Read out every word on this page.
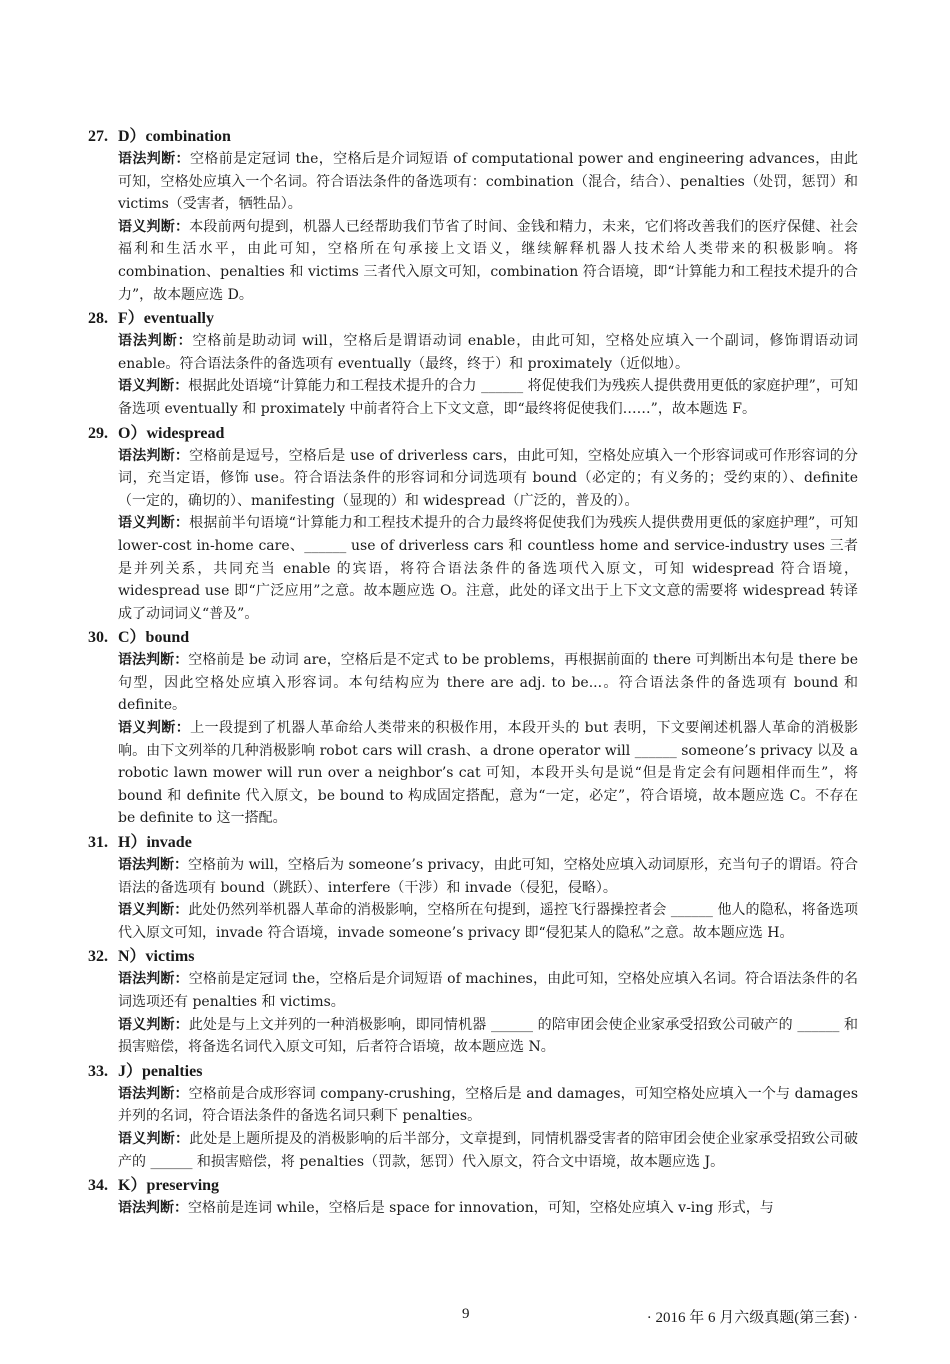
27. D）combination
语法判断：空格前是定冠词 the，空格后是介词短语 of computational power and engineering advances，由此可知，空格处应填入一个名词。符合语法条件的备选项有：combination（混合，结合）、penalties（处罚，惩罚）和 victims（受害者，牺牲品）。
语义判断：本段前两句提到，机器人已经帮助我们节省了时间、金钱和精力，未来，它们将改善我们的医疗保健、社会福利和生活水平，由此可知，空格所在句承接上文语义，继续解释机器人技术给人类带来的积极影响。将 combination、penalties 和 victims 三者代入原文可知，combination 符合语境，即“计算能力和工程技术提升的合力”，故本题应选 D。
28. F）eventually
语法判断：空格前是助动词 will，空格后是谓语动词 enable，由此可知，空格处应填入一个副词，修饰谓语动词 enable。符合语法条件的备选项有 eventually（最终，终于）和 proximately（近似地）。
语义判断：根据此处语境“计算能力和工程技术提升的合力 ______ 将促使我们为残疾人提供费用更低的家庭护理”，可知备选项 eventually 和 proximately 中前者符合上下文文意，即“最终将促使我们……”，故本题选 F。
29. O）widespread
语法判断：空格前是逗号，空格后是 use of driverless cars，由此可知，空格处应填入一个形容词或可作形容词的分词，充当定语，修饰 use。符合语法条件的形容词和分词选项有 bound（必定的；有义务的；受约束的）、definite（一定的，确切的）、manifesting（显现的）和 widespread（广泛的，普及的）。
语义判断：根据前半句语境“计算能力和工程技术提升的合力最终将促使我们为残疾人提供费用更低的家庭护理”，可知 lower-cost in-home care、______ use of driverless cars 和 countless home and service-industry uses 三者是并列关系，共同充当 enable 的宾语，将符合语法条件的备选项代入原文，可知 widespread 符合语境，widespread use 即“广泛应用”之意。故本题应选 O。注意，此处的译文出于上下文文意的需要将 widespread 转译成了动词词义“普及”。
30. C）bound
语法判断：空格前是 be 动词 are，空格后是不定式 to be problems，再根据前面的 there 可判断出本句是 there be 句型，因此空格处应填入形容词。本句结构应为 there are adj. to be...。符合语法条件的备选项有 bound 和 definite。
语义判断：上一段提到了机器人革命给人类带来的积极作用，本段开头的 but 表明，下文要阐述机器人革命的消极影响。由下文列举的几种消极影响 robot cars will crash、a drone operator will ______ someone’s privacy 以及 a robotic lawn mower will run over a neighbor’s cat 可知，本段开头句是说“但是肯定会有问题相伴而生”，将 bound 和 definite 代入原文，be bound to 构成固定搭配，意为“一定，必定”，符合语境，故本题应选 C。不存在 be definite to 这一搭配。
31. H）invade
语法判断：空格前为 will，空格后为 someone’s privacy，由此可知，空格处应填入动词原形，充当句子的谓语。符合语法的备选项有 bound（跳跃）、interfere（干涉）和 invade（侵犯，侵略）。
语义判断：此处仍然列举机器人革命的消极影响，空格所在句提到，遥控飞行器操控者会 ______ 他人的隐私，将备选项代入原文可知，invade 符合语境，invade someone’s privacy 即“侵犯某人的隐私”之意。故本题应选 H。
32. N）victims
语法判断：空格前是定冠词 the，空格后是介词短语 of machines，由此可知，空格处应填入名词。符合语法条件的名词选项还有 penalties 和 victims。
语义判断：此处是与上文并列的一种消极影响，即同情机器 ______ 的陪审团会使企业家承受招致公司破产的 ______ 和损害赔偿，将备选名词代入原文可知，后者符合语境，故本题应选 N。
33. J）penalties
语法判断：空格前是合成形容词 company-crushing，空格后是 and damages，可知空格处应填入一个与 damages 并列的名词，符合语法条件的备选名词只剩下 penalties。
语义判断：此处是上题所提及的消极影响的后半部分，文章提到，同情机器受害者的陪审团会使企业家承受招致公司破产的 ______ 和损害赔偿，将 penalties（罚款，惩罚）代入原文，符合文中语境，故本题应选 J。
34. K）preserving
语法判断：空格前是连词 while，空格后是 space for innovation，可知，空格处应填入 v-ing 形式，与
9	· 2016 年 6 月六级真题(第三套) ·
